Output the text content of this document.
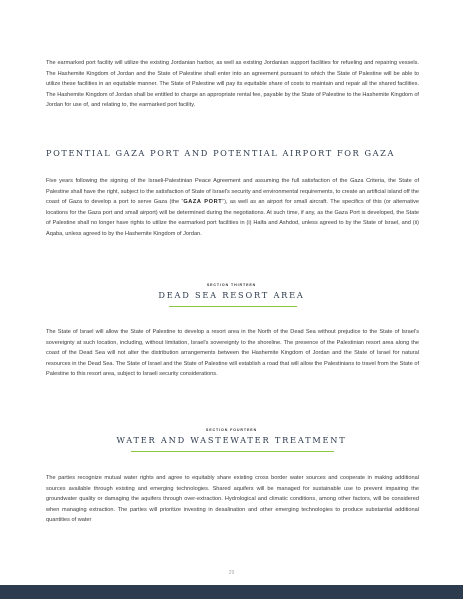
The earmarked port facility will utilize the existing Jordanian harbor, as well as existing Jordanian support facilities for refueling and repairing vessels. The Hashemite Kingdom of Jordan and the State of Palestine shall enter into an agreement pursuant to which the State of Palestine will be able to utilize these facilities in an equitable manner. The State of Palestine will pay its equitable share of costs to maintain and repair all the shared facilities. The Hashemite Kingdom of Jordan shall be entitled to charge an appropriate rental fee, payable by the State of Palestine to the Hashemite Kingdom of Jordan for use of, and relating to, the earmarked port facility.

POTENTIAL GAZA PORT AND POTENTIAL AIRPORT FOR GAZA

Five years following the signing of the Israeli-Palestinian Peace Agreement and assuming the full satisfaction of the Gaza Criteria, the State of Palestine shall have the right, subject to the satisfaction of State of Israel's security and environmental requirements, to create an artificial island off the coast of Gaza to develop a port to serve Gaza (the “GAZA PORT”), as well as an airport for small aircraft. The specifics of this (or alternative locations for the Gaza port and small airport) will be determined during the negotiations. At such time, if any, as the Gaza Port is developed, the State of Palestine shall no longer have rights to utilize the earmarked port facilities in (i) Haifa and Ashdod, unless agreed to by the State of Israel, and (ii) Aqaba, unless agreed to by the Hashemite Kingdom of Jordan.

SECTION THIRTEEN
DEAD SEA RESORT AREA

The State of Israel will allow the State of Palestine to develop a resort area in the North of the Dead Sea without prejudice to the State of Israel's sovereignty at such location, including, without limitation, Israel's sovereignty to the shoreline. The presence of the Palestinian resort area along the coast of the Dead Sea will not alter the distribution arrangements between the Hashemite Kingdom of Jordan and the State of Israel for natural resources in the Dead Sea. The State of Israel and the State of Palestine will establish a road that will allow the Palestinians to travel from the State of Palestine to this resort area, subject to Israeli security considerations.

SECTION FOURTEEN
WATER AND WASTEWATER TREATMENT

The parties recognize mutual water rights and agree to equitably share existing cross border water sources and cooperate in making additional sources available through existing and emerging technologies. Shared aquifers will be managed for sustainable use to prevent impairing the groundwater quality or damaging the aquifers through over-extraction. Hydrological and climatic conditions, among other factors, will be considered when managing extraction. The parties will prioritize investing in desalination and other emerging technologies to produce substantial additional quantities of water

29
